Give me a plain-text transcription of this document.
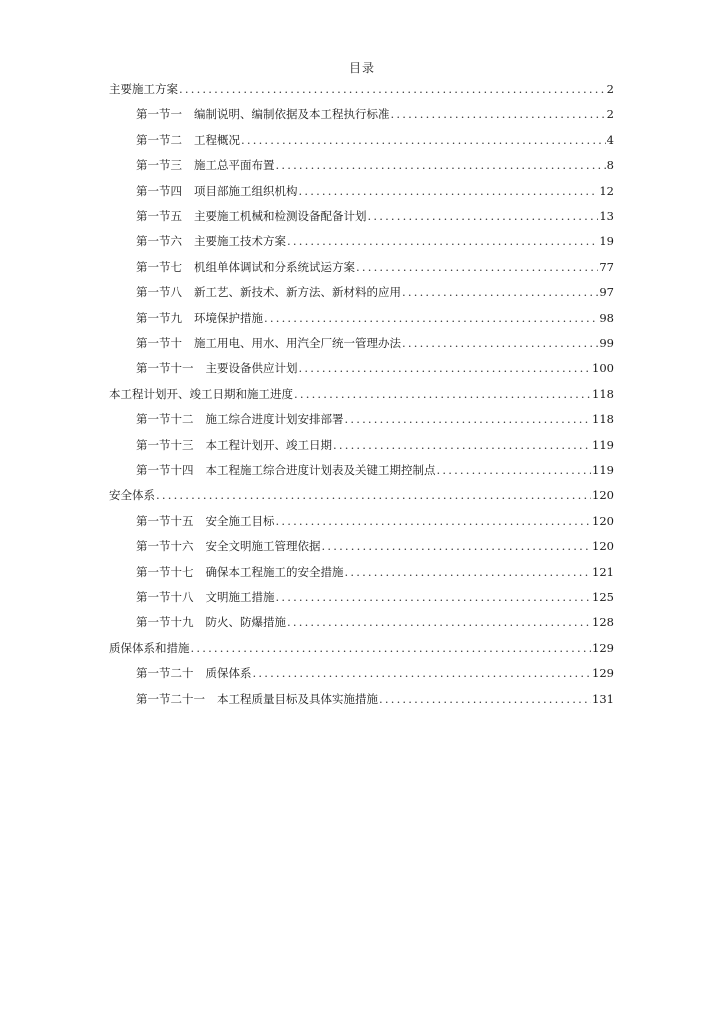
目录
主要施工方案 .....	2
第一节一 编制说明、编制依据及本工程执行标准 .....	2
第一节二 工程概况 .....	4
第一节三 施工总平面布置 .....	8
第一节四 项目部施工组织机构 .....	12
第一节五 主要施工机械和检测设备配备计划 .....	13
第一节六 主要施工技术方案 .....	19
第一节七 机组单体调试和分系统试运方案 .....	77
第一节八 新工艺、新技术、新方法、新材料的应用 .....	97
第一节九 环境保护措施 .....	98
第一节十 施工用电、用水、用汽全厂统一管理办法 .....	99
第一节十一 主要设备供应计划 .....	100
本工程计划开、竣工日期和施工进度 .....	118
第一节十二 施工综合进度计划安排部署 .....	118
第一节十三 本工程计划开、竣工日期 .....	119
第一节十四 本工程施工综合进度计划表及关键工期控制点 .....	119
安全体系 .....	120
第一节十五 安全施工目标 .....	120
第一节十六 安全文明施工管理依据 .....	120
第一节十七 确保本工程施工的安全措施 .....	121
第一节十八 文明施工措施 .....	125
第一节十九 防火、防爆措施 .....	128
质保体系和措施 .....	129
第一节二十 质保体系 .....	129
第一节二十一 本工程质量目标及具体实施措施 .....	131
